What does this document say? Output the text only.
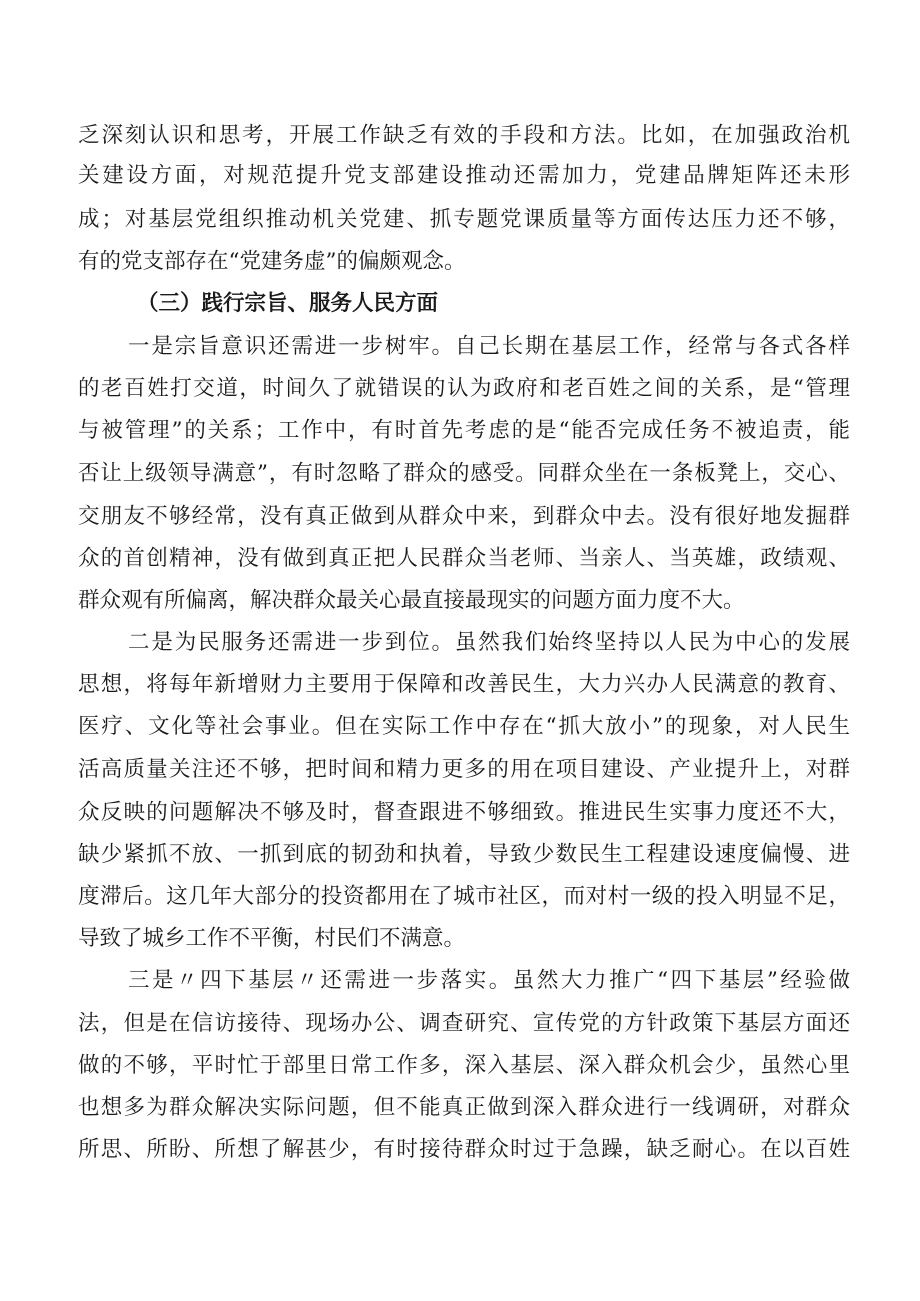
乏深刻认识和思考，开展工作缺乏有效的手段和方法。比如，在加强政治机
关建设方面，对规范提升党支部建设推动还需加力，党建品牌矩阵还未形
成；对基层党组织推动机关党建、抓专题党课质量等方面传达压力还不够，
有的党支部存在“党建务虚”的偏颇观念。
（三）践行宗旨、服务人民方面
一是宗旨意识还需进一步树牢。自己长期在基层工作，经常与各式各样
的老百姓打交道，时间久了就错误的认为政府和老百姓之间的关系，是“管理
与被管理”的关系；工作中，有时首先考虑的是“能否完成任务不被追责，能
否让上级领导满意”，有时忽略了群众的感受。同群众坐在一条板凳上，交心、
交朋友不够经常，没有真正做到从群众中来，到群众中去。没有很好地发掘群
众的首创精神，没有做到真正把人民群众当老师、当亲人、当英雄，政绩观、
群众观有所偏离，解决群众最关心最直接最现实的问题方面力度不大。
二是为民服务还需进一步到位。虽然我们始终坚持以人民为中心的发展
思想，将每年新增财力主要用于保障和改善民生，大力兴办人民满意的教育、
医疗、文化等社会事业。但在实际工作中存在“抓大放小”的现象，对人民生
活高质量关注还不够，把时间和精力更多的用在项目建设、产业提升上，对群
众反映的问题解决不够及时，督查跟进不够细致。推进民生实事力度还不大，
缺少紧抓不放、一抓到底的韧劲和执着，导致少数民生工程建设速度偏慢、进
度滞后。这几年大部分的投资都用在了城市社区，而对村一级的投入明显不足，
导致了城乡工作不平衡，村民们不满意。
三是〃四下基层〃还需进一步落实。虽然大力推广“四下基层”经验做
法，但是在信访接待、现场办公、调查研究、宣传党的方针政策下基层方面还
做的不够，平时忙于部里日常工作多，深入基层、深入群众机会少，虽然心里
也想多为群众解决实际问题，但不能真正做到深入群众进行一线调研，对群众
所思、所盼、所想了解甚少，有时接待群众时过于急躁，缺乏耐心。在以百姓
